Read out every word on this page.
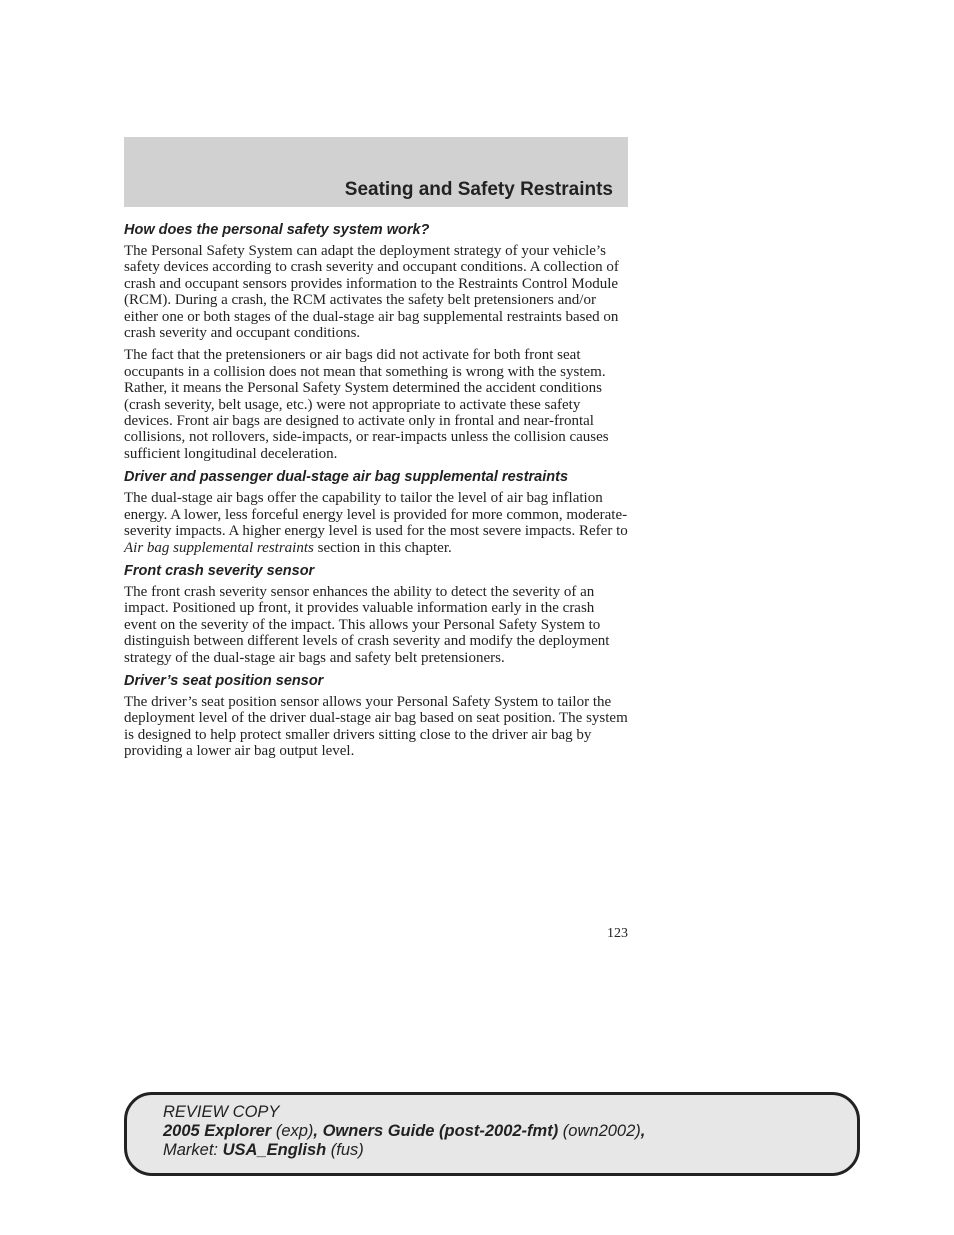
Seating and Safety Restraints
How does the personal safety system work?

The Personal Safety System can adapt the deployment strategy of your vehicle’s safety devices according to crash severity and occupant conditions. A collection of crash and occupant sensors provides information to the Restraints Control Module (RCM). During a crash, the RCM activates the safety belt pretensioners and/or either one or both stages of the dual-stage air bag supplemental restraints based on crash severity and occupant conditions.

The fact that the pretensioners or air bags did not activate for both front seat occupants in a collision does not mean that something is wrong with the system. Rather, it means the Personal Safety System determined the accident conditions (crash severity, belt usage, etc.) were not appropriate to activate these safety devices. Front air bags are designed to activate only in frontal and near-frontal collisions, not rollovers, side-impacts, or rear-impacts unless the collision causes sufficient longitudinal deceleration.

Driver and passenger dual-stage air bag supplemental restraints

The dual-stage air bags offer the capability to tailor the level of air bag inflation energy. A lower, less forceful energy level is provided for more common, moderate-severity impacts. A higher energy level is used for the most severe impacts. Refer to Air bag supplemental restraints section in this chapter.

Front crash severity sensor

The front crash severity sensor enhances the ability to detect the severity of an impact. Positioned up front, it provides valuable information early in the crash event on the severity of the impact. This allows your Personal Safety System to distinguish between different levels of crash severity and modify the deployment strategy of the dual-stage air bags and safety belt pretensioners.

Driver’s seat position sensor

The driver’s seat position sensor allows your Personal Safety System to tailor the deployment level of the driver dual-stage air bag based on seat position. The system is designed to help protect smaller drivers sitting close to the driver air bag by providing a lower air bag output level.

123
REVIEW COPY
2005 Explorer (exp), Owners Guide (post-2002-fmt) (own2002),
Market: USA_English (fus)
